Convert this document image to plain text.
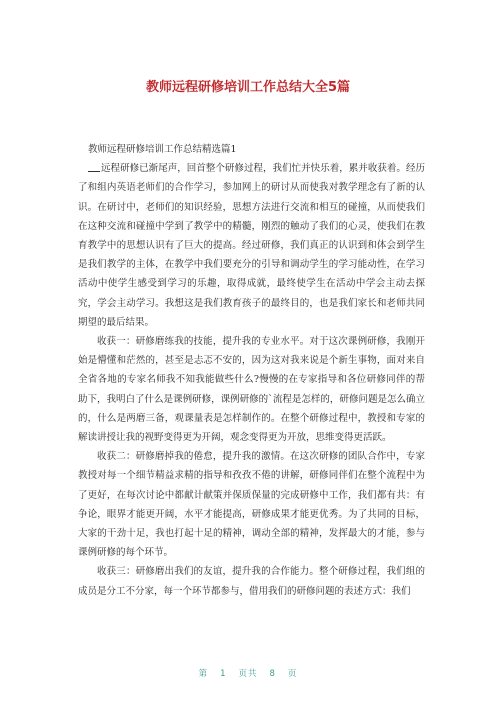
教师远程研修培训工作总结大全5篇

教师远程研修培训工作总结精选篇1

远程研修已渐尾声，回首整个研修过程，我们忙并快乐着，累并收获着。经历了和组内英语老师们的合作学习，参加网上的研讨从而使我对教学理念有了新的认识。在研讨中，老师们的知识经验，思想方法进行交流和相互的碰撞，从而使我们在这种交流和碰撞中学到了教学中的精髓，刚烈的触动了我们的心灵，使我们在教育教学中的思想认识有了巨大的提高。经过研修，我们真正的认识到和体会到学生是我们教学的主体，在教学中我们要充分的引导和调动学生的学习能动性，在学习活动中使学生感受到学习的乐趣，取得成就，最终使学生在活动中学会主动去探究，学会主动学习。我想这是我们教育孩子的最终目的，也是我们家长和老师共同期望的最后结果。

收获一：研修磨练我的技能，提升我的专业水平。对于这次课例研修，我刚开始是懵懂和茫然的，甚至是忐忑不安的，因为这对我来说是个新生事物，面对来自全省各地的专家名师我不知我能做些什么?慢慢的在专家指导和各位研修同伴的帮助下，我明白了什么是课例研修，课例研修的`流程是怎样的，研修问题是怎么确立的，什么是两磨三备，观课量表是怎样制作的。在整个研修过程中，教授和专家的解读讲授让我的视野变得更为开阔，观念变得更为开放，思维变得更活跃。

收获二：研修磨掉我的倦怠，提升我的激情。在这次研修的团队合作中，专家教授对每一个细节精益求精的指导和孜孜不倦的讲解，研修同伴们在整个流程中为了更好，在每次讨论中都献计献策并保质保量的完成研修中工作，我们都有共：有争论，眼界才能更开阔，水平才能提高，研修成果才能更优秀。为了共同的目标，大家的干劲十足，我也打起十足的精神，调动全部的精神，发挥最大的才能，参与课例研修的每个环节。

收获三：研修磨出我们的友谊，提升我的合作能力。整个研修过程，我们组的成员是分工不分家，每一个环节都参与，借用我们的研修问题的表述方式：我们

第 1 页共 8 页
